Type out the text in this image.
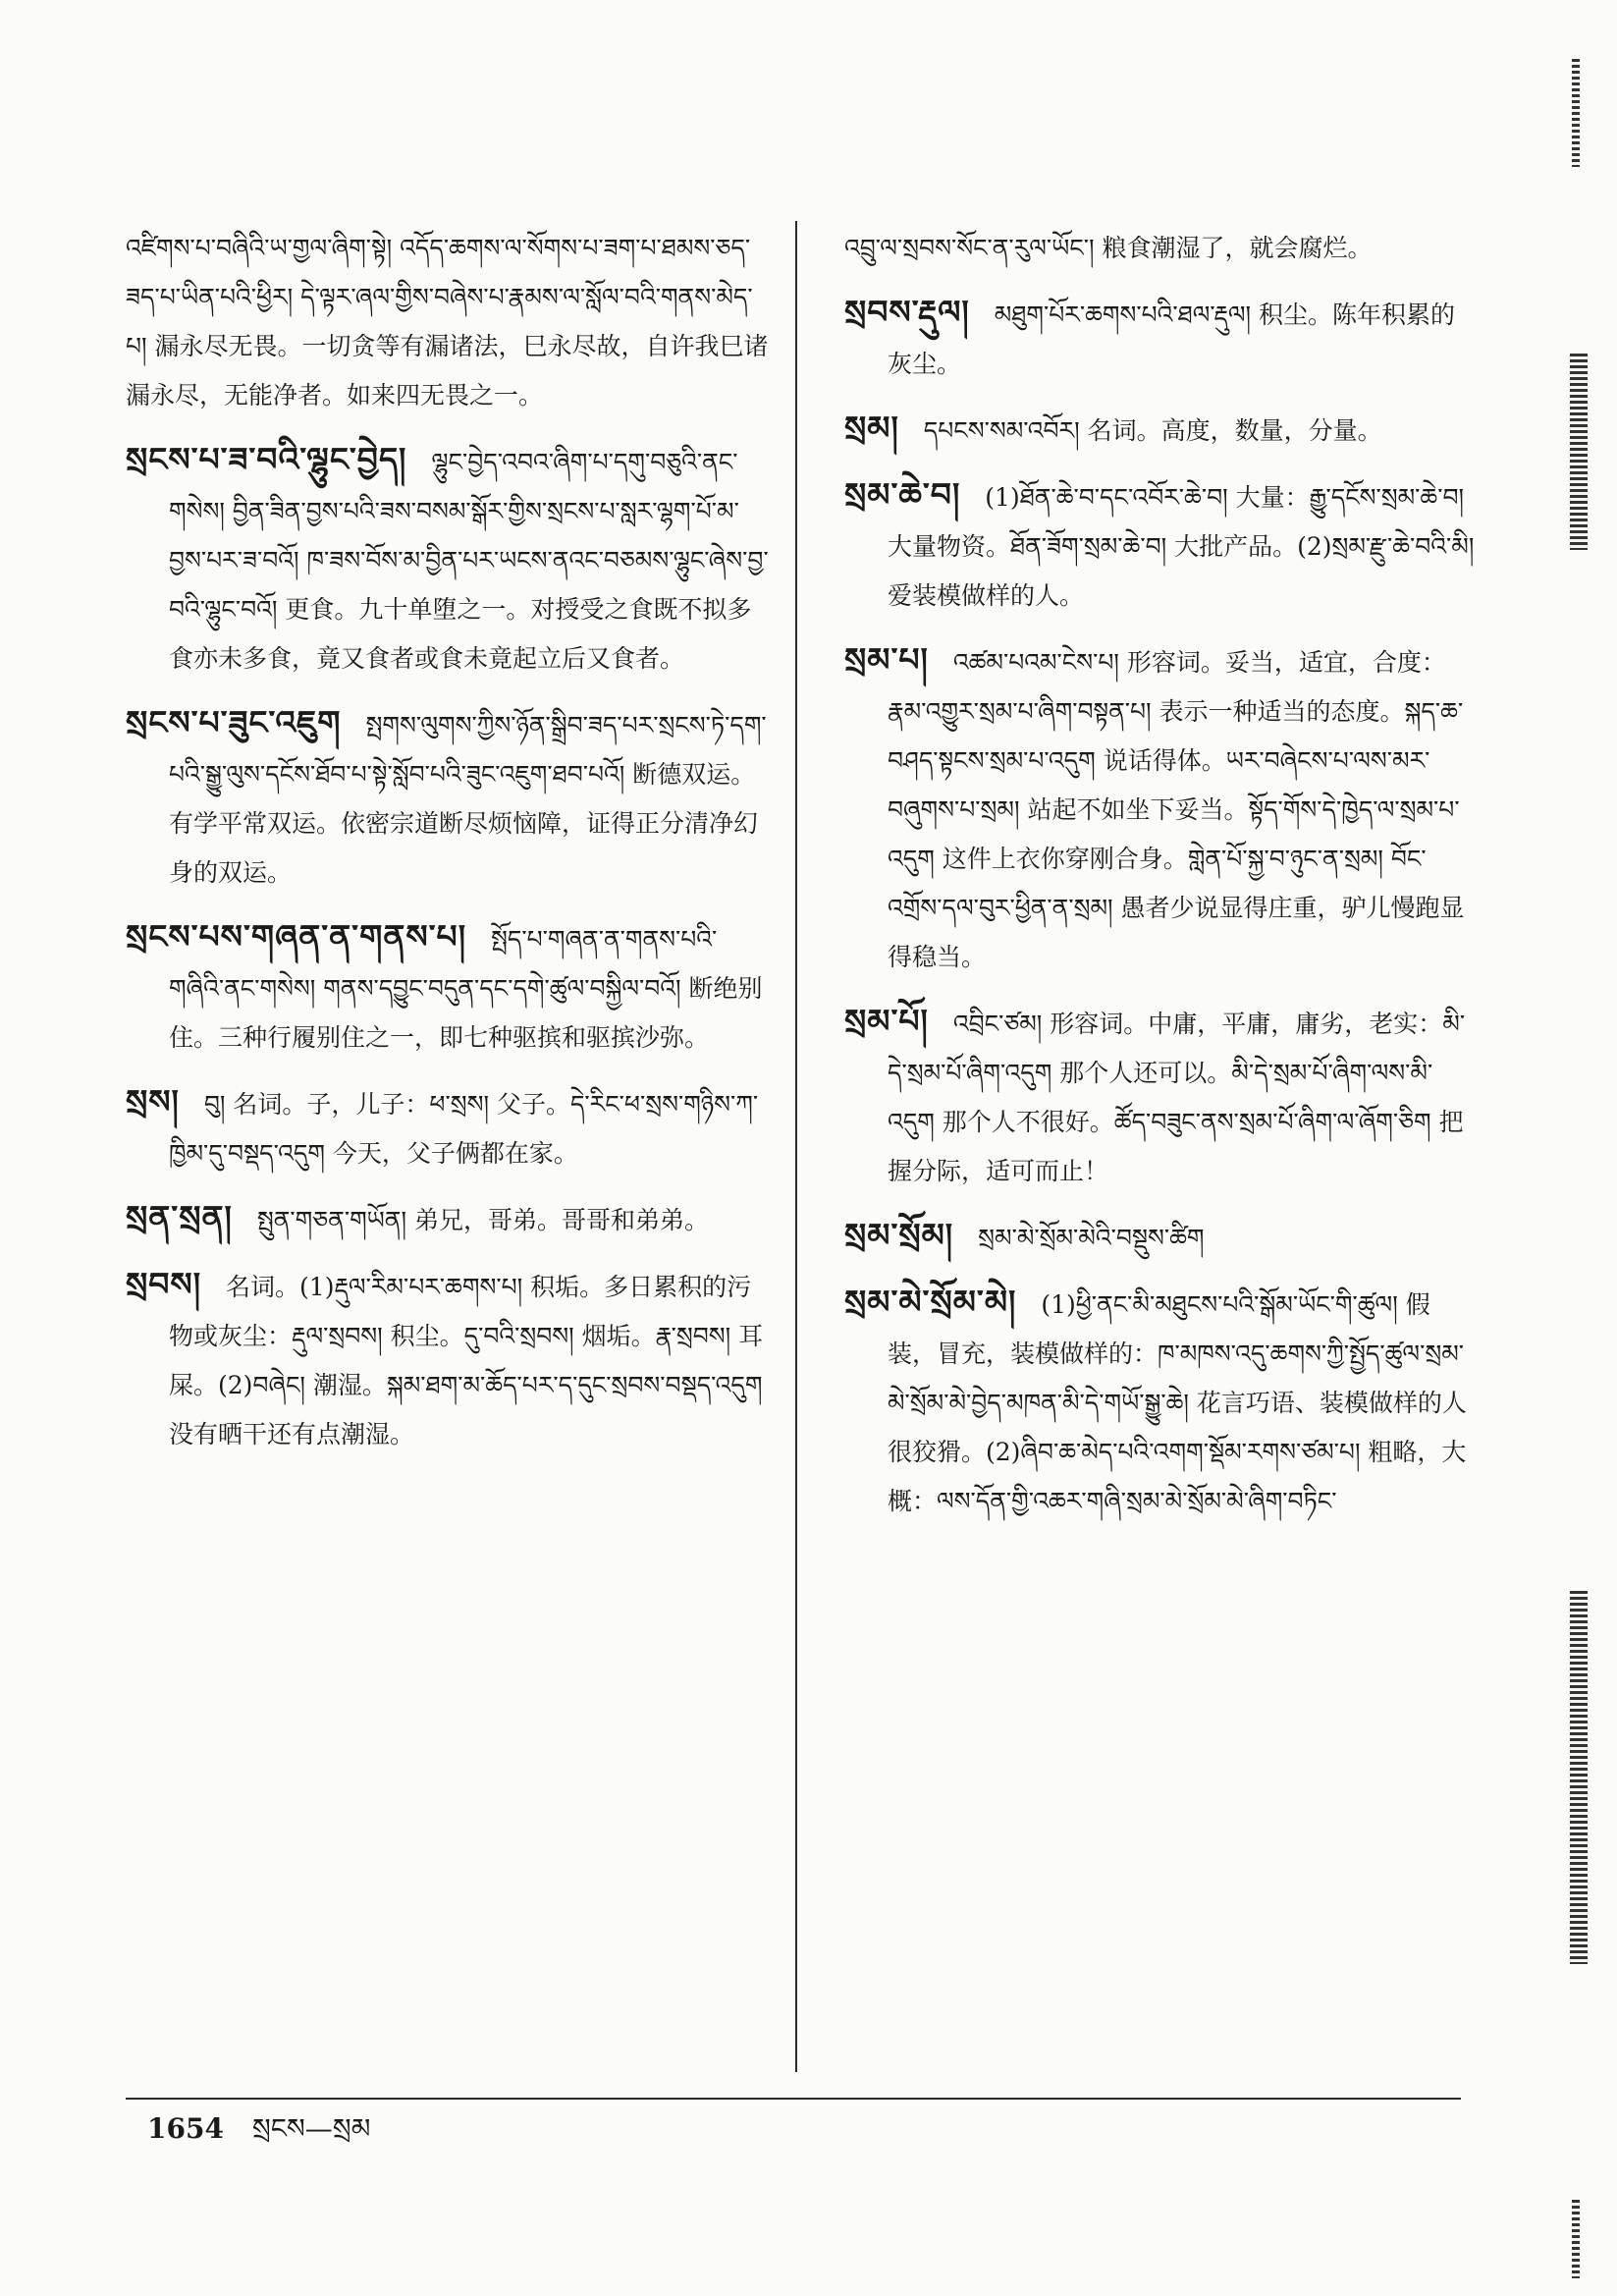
འཛིགས་པ་བཞིའི་ཡ་གྱལ་ཞིག་སྟེ། འདོད་ཆགས་ལ་སོགས་པ་ཟག་པ་ཐམས་ཅད་ཟད་པ་ཡིན་པའི་ཕྱིར། དེ་ལྟར་ཞལ་གྱིས་བཞེས་པ་རྣམས་ལ་སློལ་བའི་གནས་མེད་པ། 漏永尽无畏。一切贪等有漏诸法，巳永尽故，自许我巳诸漏永尽，无能净者。如来四无畏之一。
སྲངས་པ་ཟ་བའི་ལྷུང་བྱེད།　 ལྷུང་བྱེད་འབའ་ཞིག་པ་དགུ་བཅུའི་ནང་གསེས། བྱིན་ཟིན་བྱས་པའི་ཟས་བསམ་སྒོར་གྱིས་སྲངས་པ་སླར་ལྷག་པོ་མ་བྱས་པར་ཟ་བའོ། ཁ་ཟས་བོས་མ་བྱིན་པར་ཡངས་ནའང་བཅམས་ལྷུང་ཞེས་བྱ་བའི་ལྷུང་བའོ། 更食。九十单堕之一。对授受之食既不拟多食亦未多食，竟又食者或食未竟起立后又食者。
སྲངས་པ་ཟུང་འཇུག　 སྤགས་ལུགས་ཀྱིས་ཉོན་སྒྲིབ་ཟད་པར་སྲངས་ཏེ་དག་པའི་སྒྱུ་ལུས་དངོས་ཐོབ་པ་སྟེ་སློབ་པའི་ཟུང་འཇུག་ཐབ་པའོ། 断德双运。有学平常双运。依密宗道断尽烦恼障，证得正分清净幻身的双运。
སྲངས་པས་གཞན་ན་གནས་པ།　 སྤོད་པ་གཞན་ན་གནས་པའི་གཞིའི་ནང་གསེས། གནས་དབྱུང་བདུན་དང་དགེ་ཚུལ་བསྐྱིལ་བའོ། 断绝别住。三种行履别住之一，即七种驱摈和驱摈沙弥。
སྲས།　 བུ། 名词。子，儿子：ཕ་སྲས། 父子。དེ་རིང་ཕ་སྲས་གཉིས་ཀ་ཁྱིམ་དུ་བསྡད་འདུག 今天，父子俩都在家。
སྲན་སྲན།　 སྤུན་གཅན་གཡོན། 弟兄，哥弟。哥哥和弟弟。
སྲབས།　 名词。(1)རྡུལ་རིམ་པར་ཆགས་པ། 积垢。多日累积的污物或灰尘：རྡུལ་སྲབས། 积尘。དུ་བའི་སྲབས། 烟垢。རྣ་སྲབས། 耳屎。(2)བཞེང། 潮湿。སྐམ་ཐག་མ་ཆོད་པར་ད་དུང་སྲབས་བསྡད་འདུག 没有晒干还有点潮湿。
འབྲུ་ལ་སྲབས་སོང་ན་རུལ་ཡོང་། 粮食潮湿了，就会腐烂。
སྲབས་རྡུལ།　 མཐུག་པོར་ཆགས་པའི་ཐལ་རྡུལ། 积尘。陈年积累的灰尘。
སྲམ།　 དཔངས་སམ་འབོར། 名词。高度，数量，分量。
སྲམ་ཆེ་བ།　 (1)ཐོན་ཆེ་བ་དང་འབོར་ཆེ་བ། 大量：རྒྱུ་དངོས་སྲམ་ཆེ་བ། 大量物资。ཐོན་ཟོག་སྲམ་ཆེ་བ། 大批产品。(2)སྲམ་རྫུ་ཆེ་བའི་མི། 爱装模做样的人。
སྲམ་པ།　 འཚམ་པའམ་ངེས་པ། 形容词。妥当，适宜，合度：རྣམ་འགྱུར་སྲམ་པ་ཞིག་བསྟན་པ། 表示一种适当的态度。སྐད་ཆ་བཤད་སྟངས་སྲམ་པ་འདུག 说话得体。ཡར་བཞེངས་པ་ལས་མར་བཞུགས་པ་སྲམ། 站起不如坐下妥当。སྟོད་གོས་དེ་ཁྱེད་ལ་སྲམ་པ་འདུག 这件上衣你穿刚合身。གླེན་པོ་སྐྱ་བ་ཉུང་ན་སྲམ། བོང་འགྲོས་དལ་བུར་ཕྱིན་ན་སྲམ། 愚者少说显得庄重，驴儿慢跑显得稳当。
སྲམ་པོ།　 འབྲིང་ཙམ། 形容词。中庸，平庸，庸劣，老实：མི་དེ་སྲམ་པོ་ཞིག་འདུག 那个人还可以。མི་དེ་སྲམ་པོ་ཞིག་ལས་མི་འདུག 那个人不很好。ཚོད་བཟུང་ནས་སྲམ་པོ་ཞིག་ལ་ཞོག་ཅིག 把握分际，适可而止！
སྲམ་སྲོམ།　 སྲམ་མེ་སྲོམ་མེའི་བསྡུས་ཚིག
སྲམ་མེ་སྲོམ་མེ།　 (1)ཕྱི་ནང་མི་མཐུངས་པའི་སྒོམ་ཡོང་གི་ཚུལ། 假装，冒充，装模做样的：ཁ་མཁས་འདུ་ཆགས་ཀྱི་སྤྱོད་ཚུལ་སྲམ་མེ་སྲོམ་མེ་བྱེད་མཁན་མི་དེ་གཡོ་སྒྱུ་ཆེ། 花言巧语、装模做样的人很狡猾。(2)ཞིབ་ཆ་མེད་པའི་འགག་སྡོམ་རགས་ཙམ་པ། 粗略，大概：ལས་དོན་གྱི་འཆར་གཞི་སྲམ་མེ་སྲོམ་མེ་ཞིག་བཏིང་
1654 སྲངས—སྲམ
